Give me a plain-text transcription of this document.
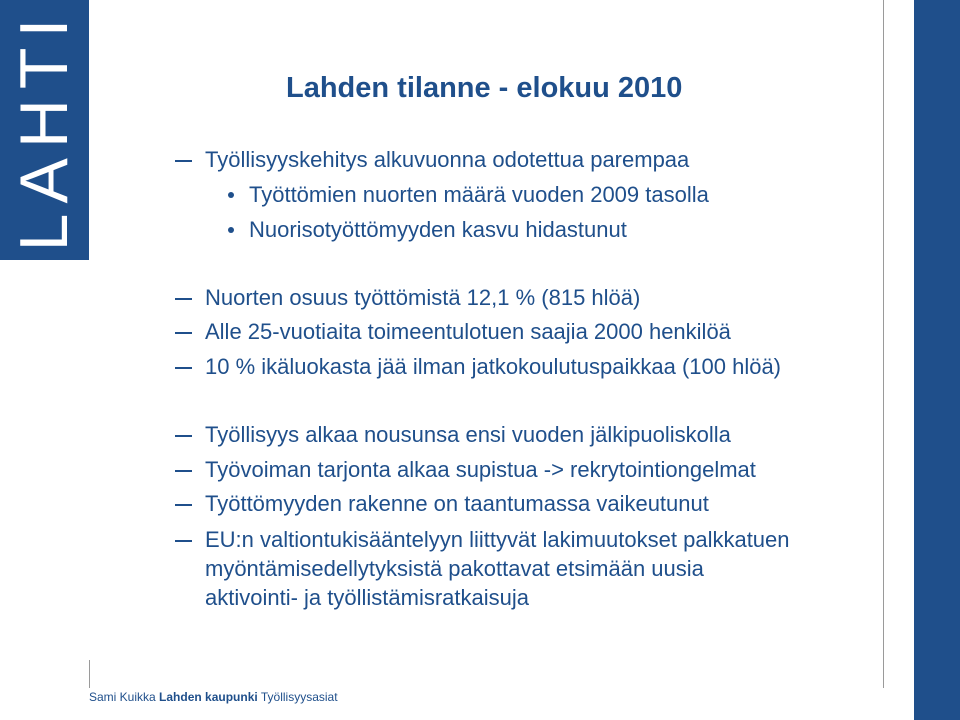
LAHTI	Lahden tilanne - elokuu 2010
Työllisyyskehitys alkuvuonna odotettua parempaa
Työttömien nuorten määrä vuoden 2009 tasolla
Nuorisotyöttömyyden kasvu hidastunut
Nuorten osuus työttömistä 12,1 % (815 hlöä)
Alle 25-vuotiaita toimeentulotuen saajia 2000 henkilöä
10 % ikäluokasta jää ilman jatkokoulutuspaikkaa (100 hlöä)
Työllisyys alkaa nousunsa ensi vuoden jälkipuoliskolla
Työvoiman tarjonta alkaa supistua -> rekrytointiongelmat
Työttömyyden rakenne on taantumassa vaikeutunut
EU:n valtiontukisääntelyyn liittyvät lakimuutokset palkkatuen
myöntämisedellytyksistä pakottavat etsimään uusia
aktivointi- ja työllistämisratkaisuja
Sami Kuikka Lahden kaupunki Työllisyysasiat
